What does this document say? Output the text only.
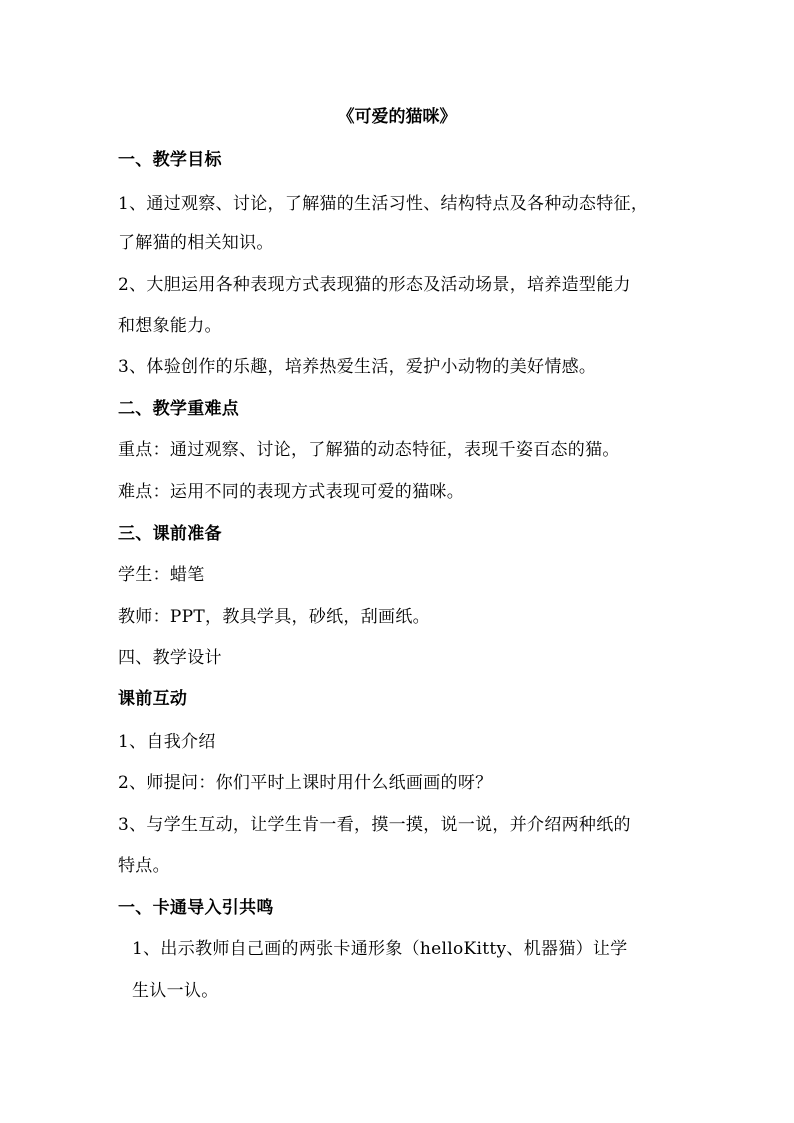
《可爱的猫咪》
一、教学目标
1、通过观察、讨论，了解猫的生活习性、结构特点及各种动态特征，
了解猫的相关知识。
2、大胆运用各种表现方式表现猫的形态及活动场景，培养造型能力
和想象能力。
3、体验创作的乐趣，培养热爱生活，爱护小动物的美好情感。
二、教学重难点
重点：通过观察、讨论，了解猫的动态特征，表现千姿百态的猫。
难点：运用不同的表现方式表现可爱的猫咪。
三、课前准备
学生：蜡笔
教师：PPT，教具学具，砂纸，刮画纸。
四、教学设计
课前互动
1、自我介绍
2、师提问：你们平时上课时用什么纸画画的呀？
3、与学生互动，让学生肯一看，摸一摸，说一说，并介绍两种纸的
特点。
一、卡通导入引共鸣
1、出示教师自己画的两张卡通形象（helloKitty、机器猫）让学
生认一认。
